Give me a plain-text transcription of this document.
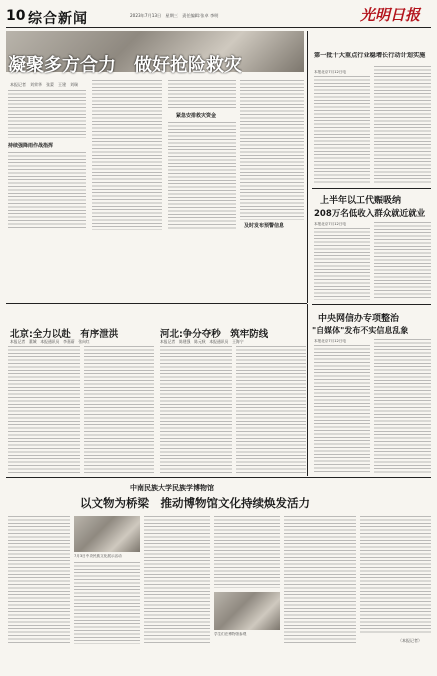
10 综合新闻	2023年7月13日　星期三　责任编辑:张卓 李明	光明日报
凝聚多方合力　做好抢险救灾
本报记者　刘荣华　张蒙　王建　刘瑞
持续强降雨作战指挥
紧急安排救灾资金
及时发布预警信息
第一批十大重点行业稳增长行动计划实施
本报北京7月12日电
上半年以工代赈吸纳
208万名低收入群众就近就业
本报北京7月12日电
中央网信办专项整治
"自媒体"发布不实信息乱象
本报北京7月12日电
北京:全力以赴　有序泄洪
本报记者　董城　本报通讯员　李嘉蔚　张向红
河北:争分夺秒　筑牢防线
本报记者　陈建强　陈元秋　本报通讯员　王海宁
中南民族大学民族学博物馆
以文物为桥梁　推动博物馆文化持续焕发活力
7月3日中央民族文化展示活动
学生们在博物馆参观
（本报记者）
